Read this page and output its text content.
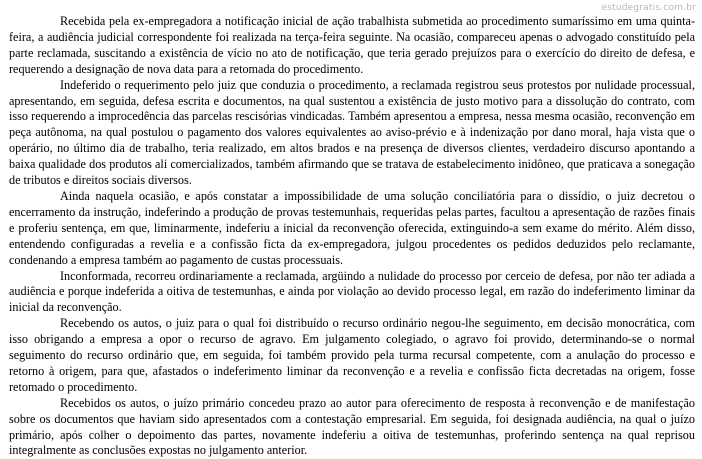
estudegratis.com.br

Recebida pela ex-empregadora a notificação inicial de ação trabalhista submetida ao procedimento sumaríssimo em uma quinta-feira, a audiência judicial correspondente foi realizada na terça-feira seguinte. Na ocasião, compareceu apenas o advogado constituído pela parte reclamada, suscitando a existência de vício no ato de notificação, que teria gerado prejuízos para o exercício do direito de defesa, e requerendo a designação de nova data para a retomada do procedimento.

Indeferido o requerimento pelo juiz que conduzia o procedimento, a reclamada registrou seus protestos por nulidade processual, apresentando, em seguida, defesa escrita e documentos, na qual sustentou a existência de justo motivo para a dissolução do contrato, com isso requerendo a improcedência das parcelas rescisórias vindicadas. Também apresentou a empresa, nessa mesma ocasião, reconvenção em peça autônoma, na qual postulou o pagamento dos valores equivalentes ao aviso-prévio e à indenização por dano moral, haja vista que o operário, no último dia de trabalho, teria realizado, em altos brados e na presença de diversos clientes, verdadeiro discurso apontando a baixa qualidade dos produtos ali comercializados, também afirmando que se tratava de estabelecimento inidôneo, que praticava a sonegação de tributos e direitos sociais diversos.

Ainda naquela ocasião, e após constatar a impossibilidade de uma solução conciliatória para o dissídio, o juiz decretou o encerramento da instrução, indeferindo a produção de provas testemunhais, requeridas pelas partes, facultou a apresentação de razões finais e proferiu sentença, em que, liminarmente, indeferiu a inicial da reconvenção oferecida, extinguindo-a sem exame do mérito. Além disso, entendendo configuradas a revelia e a confissão ficta da ex-empregadora, julgou procedentes os pedidos deduzidos pelo reclamante, condenando a empresa também ao pagamento de custas processuais.

Inconformada, recorreu ordinariamente a reclamada, argüindo a nulidade do processo por cerceio de defesa, por não ter adiada a audiência e porque indeferida a oitiva de testemunhas, e ainda por violação ao devido processo legal, em razão do indeferimento liminar da inicial da reconvenção.

Recebendo os autos, o juiz para o qual foi distribuído o recurso ordinário negou-lhe seguimento, em decisão monocrática, com isso obrigando a empresa a opor o recurso de agravo. Em julgamento colegiado, o agravo foi provido, determinando-se o normal seguimento do recurso ordinário que, em seguida, foi também provido pela turma recursal competente, com a anulação do processo e retorno à origem, para que, afastados o indeferimento liminar da reconvenção e a revelia e confissão ficta decretadas na origem, fosse retomado o procedimento.

Recebidos os autos, o juízo primário concedeu prazo ao autor para oferecimento de resposta à reconvenção e de manifestação sobre os documentos que haviam sido apresentados com a contestação empresarial. Em seguida, foi designada audiência, na qual o juízo primário, após colher o depoimento das partes, novamente indeferiu a oitiva de testemunhas, proferindo sentença na qual reprisou integralmente as conclusões expostas no julgamento anterior.
